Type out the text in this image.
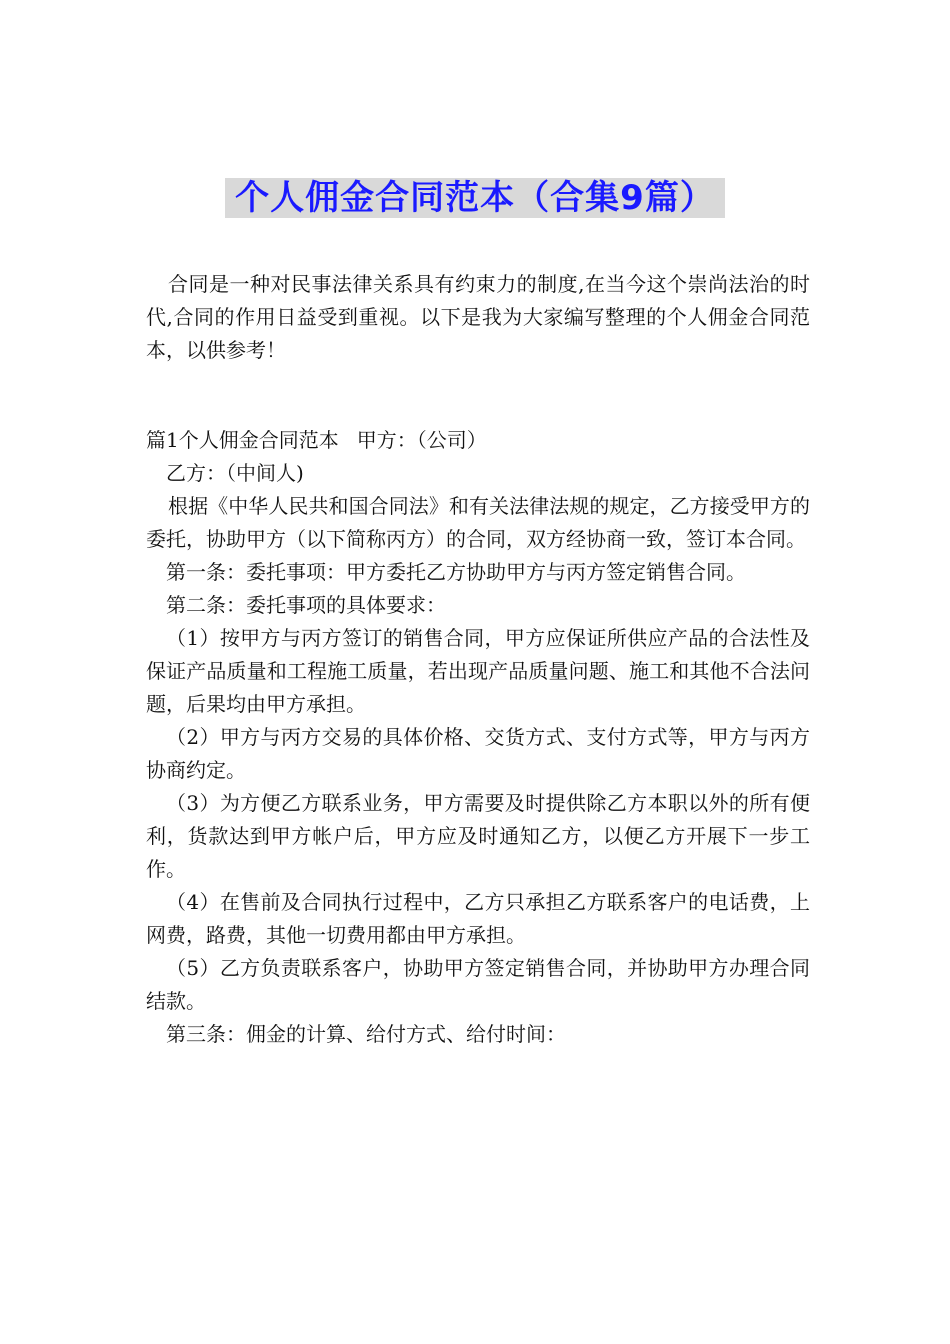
个人佣金合同范本（合集9篇）

合同是一种对民事法律关系具有约束力的制度,在当今这个崇尚法治的时代,合同的作用日益受到重视。以下是我为大家编写整理的个人佣金合同范本，以供参考！

篇1个人佣金合同范本 甲方：（公司）

乙方：（中间人)

根据《中华人民共和国合同法》和有关法律法规的规定，乙方接受甲方的委托，协助甲方（以下简称丙方）的合同，双方经协商一致，签订本合同。

第一条：委托事项：甲方委托乙方协助甲方与丙方签定销售合同。

第二条：委托事项的具体要求：

（1）按甲方与丙方签订的销售合同，甲方应保证所供应产品的合法性及保证产品质量和工程施工质量，若出现产品质量问题、施工和其他不合法问题，后果均由甲方承担。

（2）甲方与丙方交易的具体价格、交货方式、支付方式等，甲方与丙方协商约定。

（3）为方便乙方联系业务，甲方需要及时提供除乙方本职以外的所有便利，货款达到甲方帐户后，甲方应及时通知乙方，以便乙方开展下一步工作。

（4）在售前及合同执行过程中，乙方只承担乙方联系客户的电话费，上网费，路费，其他一切费用都由甲方承担。

（5）乙方负责联系客户，协助甲方签定销售合同，并协助甲方办理合同结款。

第三条：佣金的计算、给付方式、给付时间：
